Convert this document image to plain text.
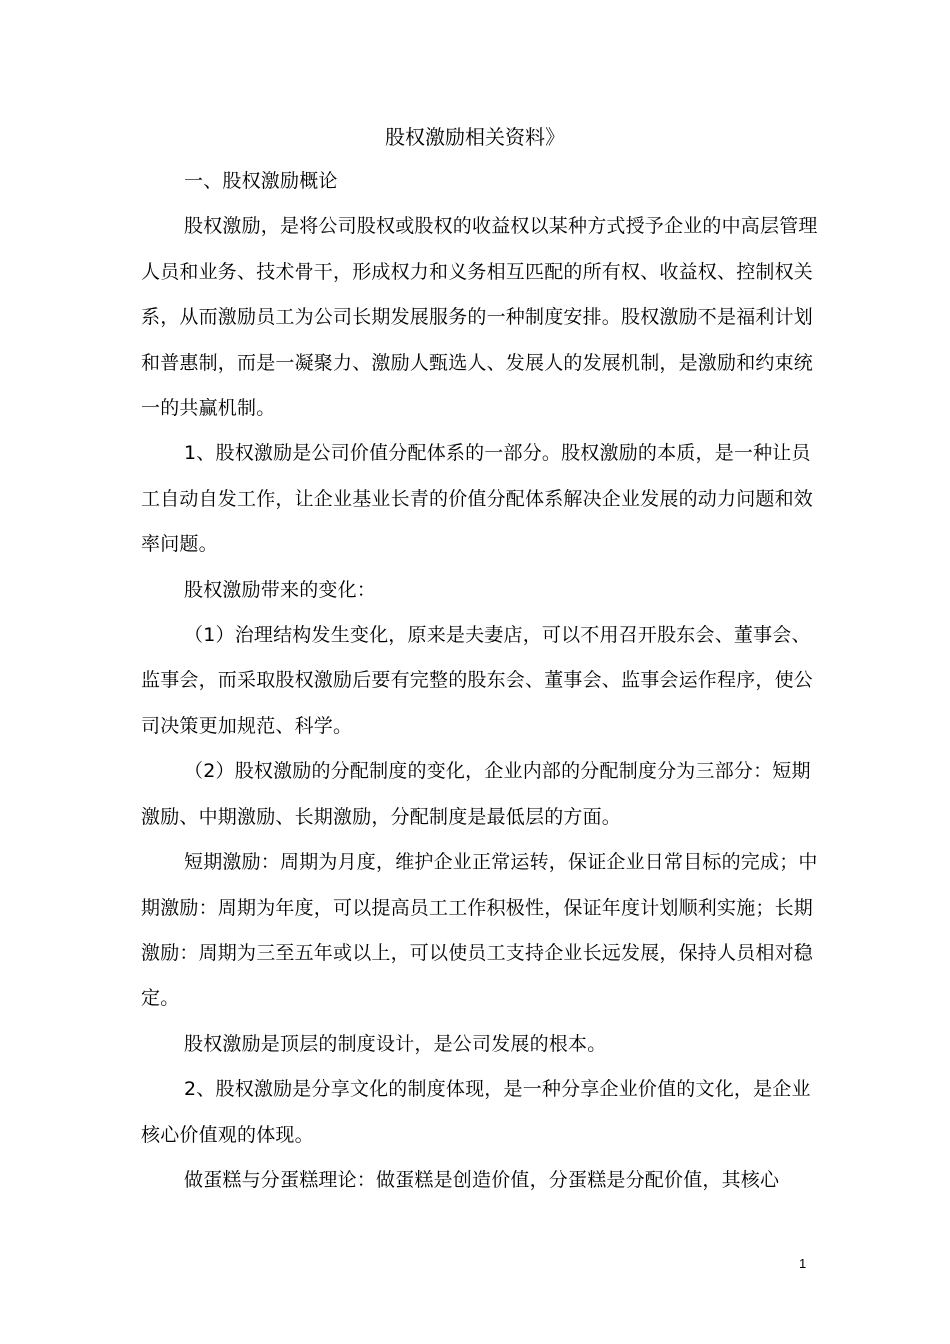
股权激励相关资料》

一、股权激励概论

股权激励，是将公司股权或股权的收益权以某种方式授予企业的中高层管理人员和业务、技术骨干，形成权力和义务相互匹配的所有权、收益权、控制权关系，从而激励员工为公司长期发展服务的一种制度安排。股权激励不是福利计划和普惠制，而是一凝聚力、激励人甄选人、发展人的发展机制，是激励和约束统一的共赢机制。

1、股权激励是公司价值分配体系的一部分。股权激励的本质，是一种让员工自动自发工作，让企业基业长青的价值分配体系解决企业发展的动力问题和效率问题。

股权激励带来的变化：

（1）治理结构发生变化，原来是夫妻店，可以不用召开股东会、董事会、监事会，而采取股权激励后要有完整的股东会、董事会、监事会运作程序，使公司决策更加规范、科学。

（2）股权激励的分配制度的变化，企业内部的分配制度分为三部分：短期激励、中期激励、长期激励，分配制度是最低层的方面。

短期激励：周期为月度，维护企业正常运转，保证企业日常目标的完成；中期激励：周期为年度，可以提高员工工作积极性，保证年度计划顺利实施；长期激励：周期为三至五年或以上，可以使员工支持企业长远发展，保持人员相对稳定。

股权激励是顶层的制度设计，是公司发展的根本。

2、股权激励是分享文化的制度体现，是一种分享企业价值的文化，是企业核心价值观的体现。

做蛋糕与分蛋糕理论：做蛋糕是创造价值，分蛋糕是分配价值，其核心

1
